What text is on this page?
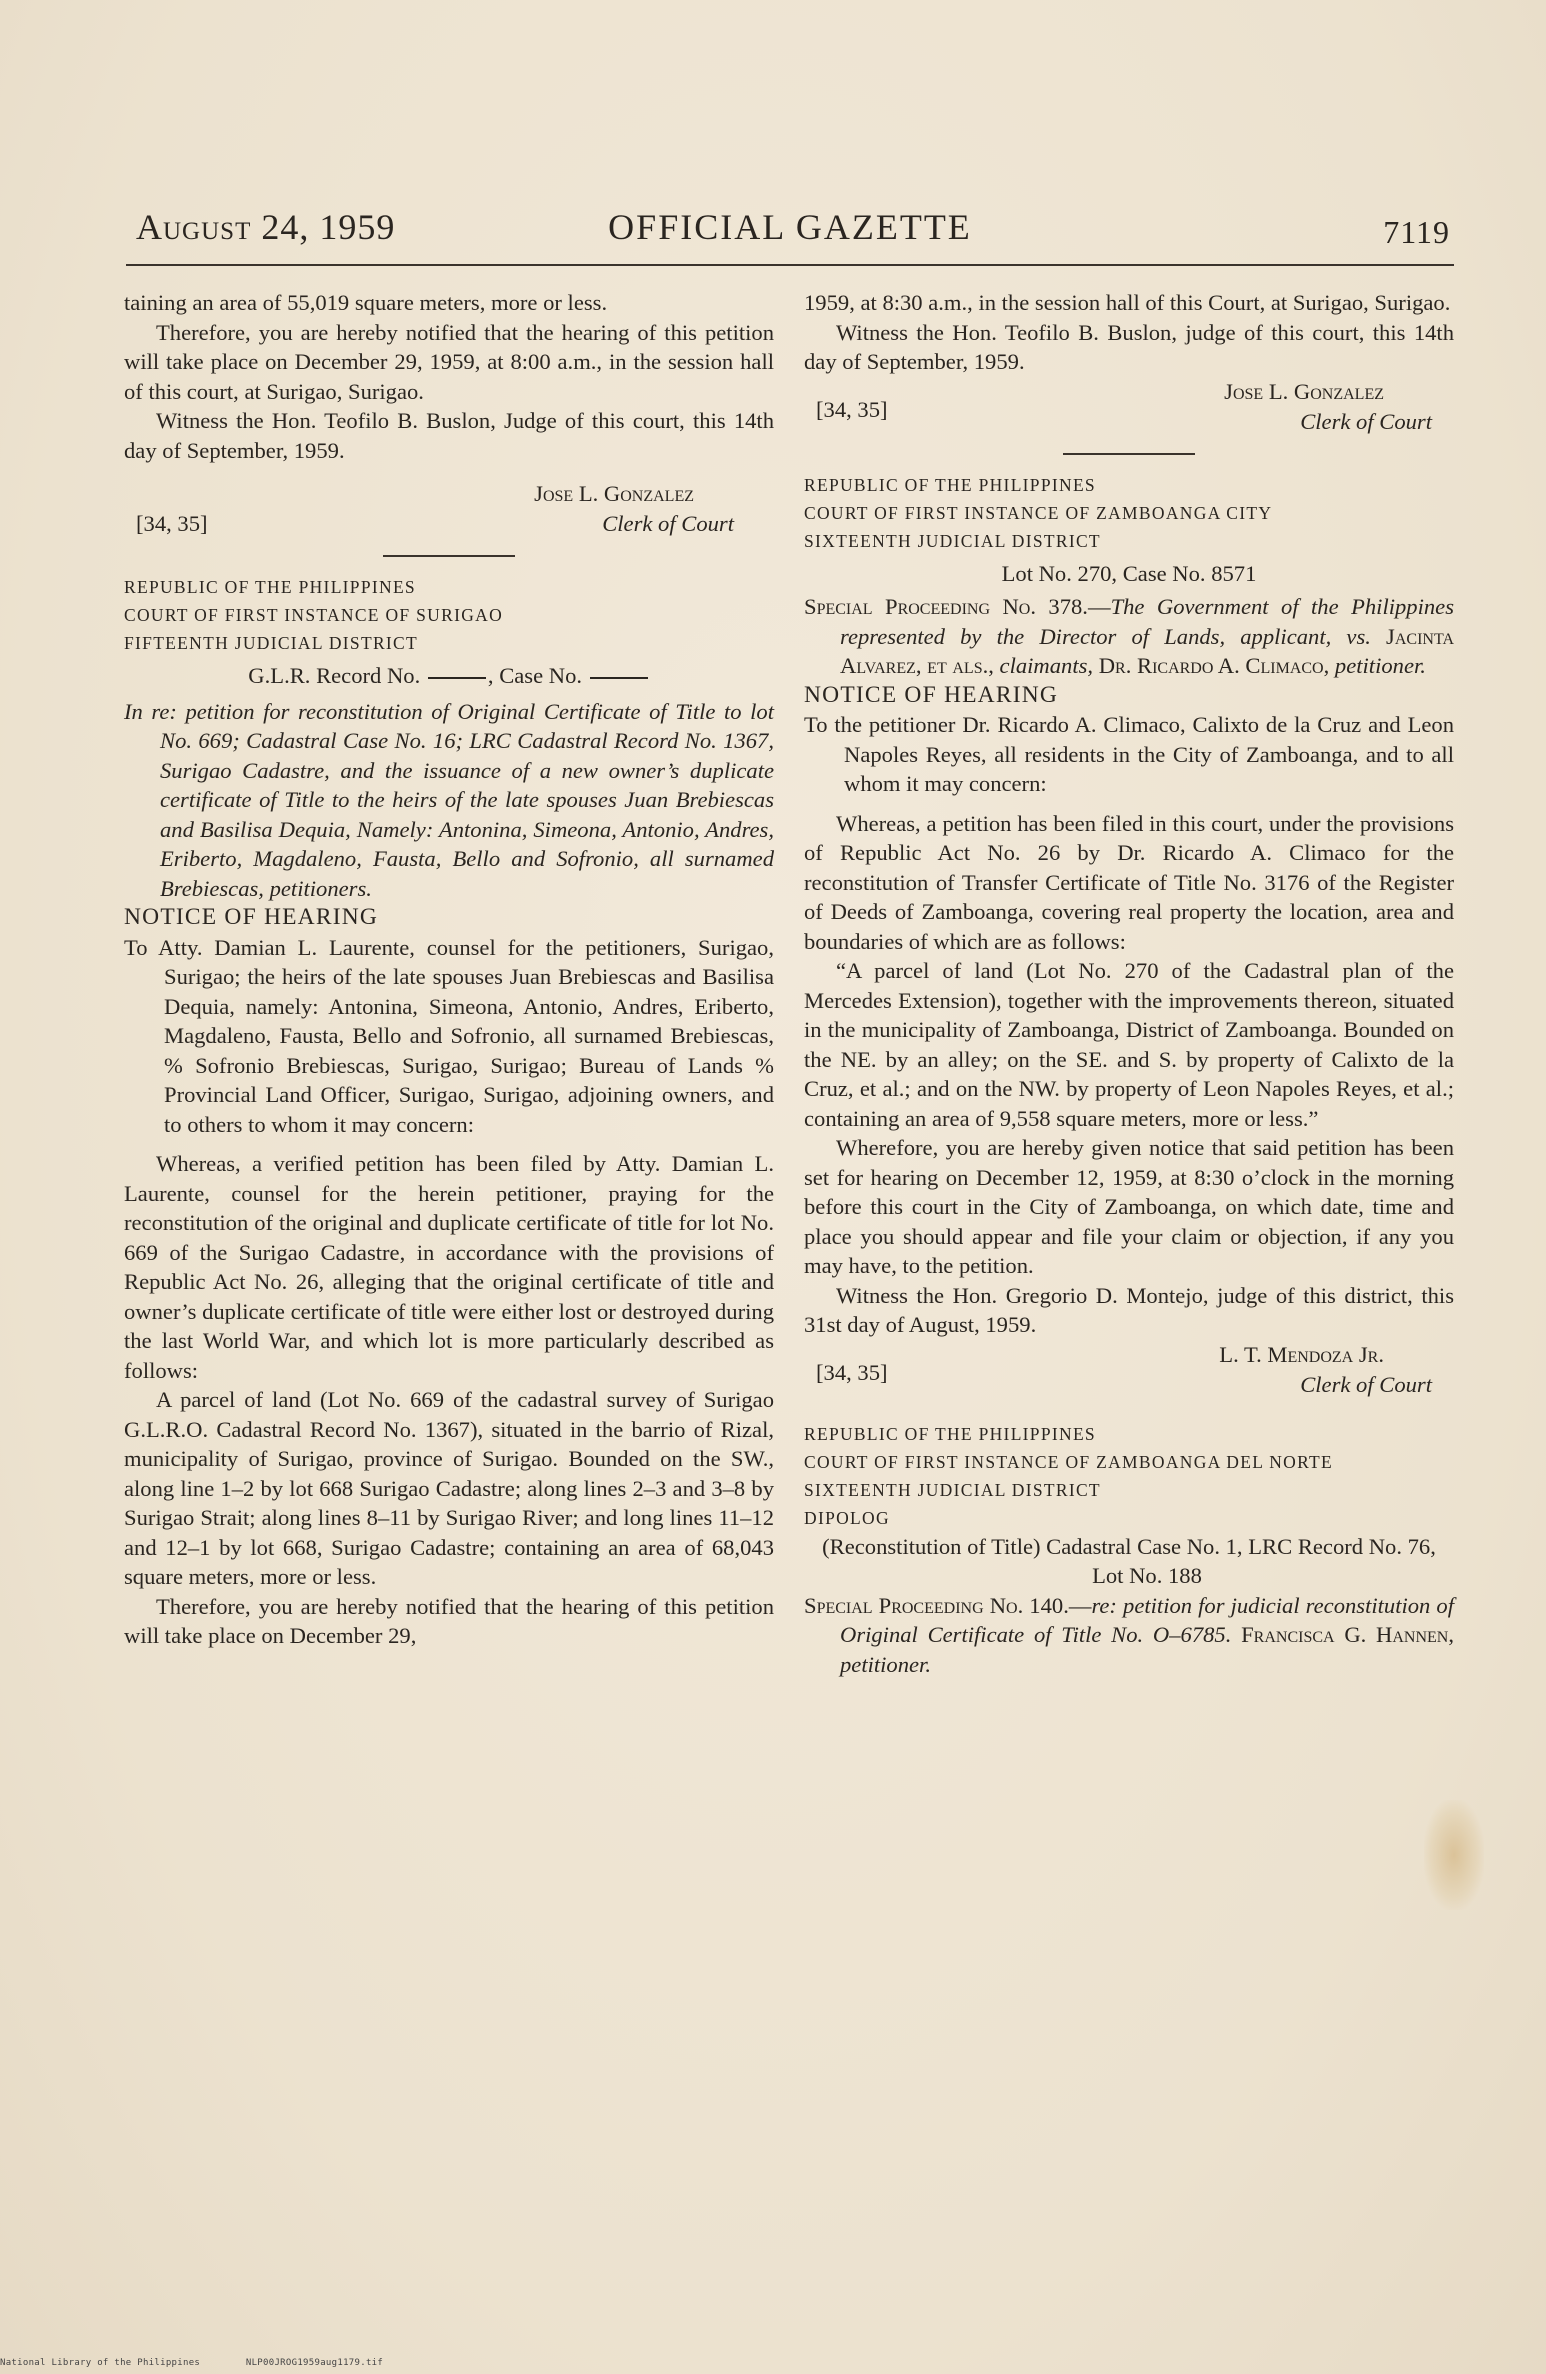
August 24, 1959	OFFICIAL GAZETTE	7119

taining an area of 55,019 square meters, more or less.

Therefore, you are hereby notified that the hearing of this petition will take place on December 29, 1959, at 8:00 a.m., in the session hall of this court, at Surigao, Surigao.

Witness the Hon. Teofilo B. Buslon, Judge of this court, this 14th day of September, 1959.

Jose L. Gonzalez
[34, 35]	Clerk of Court

REPUBLIC OF THE PHILIPPINES

COURT OF FIRST INSTANCE OF SURIGAO

FIFTEENTH JUDICIAL DISTRICT

G.L.R. Record No.	, Case No.

In re: petition for reconstitution of Original Certificate of Title to lot No. 669; Cadastral Case No. 16; LRC Cadastral Record No. 1367, Surigao Cadastre, and the issuance of a new owner’s duplicate certificate of Title to the heirs of the late spouses Juan Brebiescas and Basilisa Dequia, Namely: Antonina, Simeona, Antonio, Andres, Eriberto, Magdaleno, Fausta, Bello and Sofronio, all surnamed Brebiescas, petitioners.

NOTICE OF HEARING

To Atty. Damian L. Laurente, counsel for the petitioners, Surigao, Surigao; the heirs of the late spouses Juan Brebiescas and Basilisa Dequia, namely: Antonina, Simeona, Antonio, Andres, Eriberto, Magdaleno, Fausta, Bello and Sofronio, all surnamed Brebiescas, % Sofronio Brebiescas, Surigao, Surigao; Bureau of Lands % Provincial Land Officer, Surigao, Surigao, adjoining owners, and to others to whom it may concern:

Whereas, a verified petition has been filed by Atty. Damian L. Laurente, counsel for the herein petitioner, praying for the reconstitution of the original and duplicate certificate of title for lot No. 669 of the Surigao Cadastre, in accordance with the provisions of Republic Act No. 26, alleging that the original certificate of title and owner’s duplicate certificate of title were either lost or destroyed during the last World War, and which lot is more particularly described as follows:

A parcel of land (Lot No. 669 of the cadastral survey of Surigao G.L.R.O. Cadastral Record No. 1367), situated in the barrio of Rizal, municipality of Surigao, province of Surigao. Bounded on the SW., along line 1–2 by lot 668 Surigao Cadastre; along lines 2–3 and 3–8 by Surigao Strait; along lines 8–11 by Surigao River; and long lines 11–12 and 12–1 by lot 668, Surigao Cadastre; containing an area of 68,043 square meters, more or less.

Therefore, you are hereby notified that the hearing of this petition will take place on December 29,

1959, at 8:30 a.m., in the session hall of this Court, at Surigao, Surigao.

Witness the Hon. Teofilo B. Buslon, judge of this court, this 14th day of September, 1959.

Jose L. Gonzalez
[34, 35]	Clerk of Court

REPUBLIC OF THE PHILIPPINES

COURT OF FIRST INSTANCE OF ZAMBOANGA CITY

SIXTEENTH JUDICIAL DISTRICT

Lot No. 270, Case No. 8571

Special Proceeding No. 378.—The Government of the Philippines represented by the Director of Lands, applicant, vs. Jacinta Alvarez, et als., claimants, Dr. Ricardo A. Climaco, petitioner.

NOTICE OF HEARING

To the petitioner Dr. Ricardo A. Climaco, Calixto de la Cruz and Leon Napoles Reyes, all residents in the City of Zamboanga, and to all whom it may concern:

Whereas, a petition has been filed in this court, under the provisions of Republic Act No. 26 by Dr. Ricardo A. Climaco for the reconstitution of Transfer Certificate of Title No. 3176 of the Register of Deeds of Zamboanga, covering real property the location, area and boundaries of which are as follows:

“A parcel of land (Lot No. 270 of the Cadastral plan of the Mercedes Extension), together with the improvements thereon, situated in the municipality of Zamboanga, District of Zamboanga. Bounded on the NE. by an alley; on the SE. and S. by property of Calixto de la Cruz, et al.; and on the NW. by property of Leon Napoles Reyes, et al.; containing an area of 9,558 square meters, more or less.”

Wherefore, you are hereby given notice that said petition has been set for hearing on December 12, 1959, at 8:30 o’clock in the morning before this court in the City of Zamboanga, on which date, time and place you should appear and file your claim or objection, if any you may have, to the petition.

Witness the Hon. Gregorio D. Montejo, judge of this district, this 31st day of August, 1959.

L. T. Mendoza Jr.
[34, 35]	Clerk of Court

REPUBLIC OF THE PHILIPPINES

COURT OF FIRST INSTANCE OF ZAMBOANGA DEL NORTE

SIXTEENTH JUDICIAL DISTRICT

DIPOLOG

(Reconstitution of Title) Cadastral Case No. 1, LRC Record No. 76, Lot No. 188

Special Proceeding No. 140.—re: petition for judicial reconstitution of Original Certificate of Title No. O–6785. Francisca G. Hannen, petitioner.

National Library of the Philippines	NLP00JROG1959aug1179.tif
